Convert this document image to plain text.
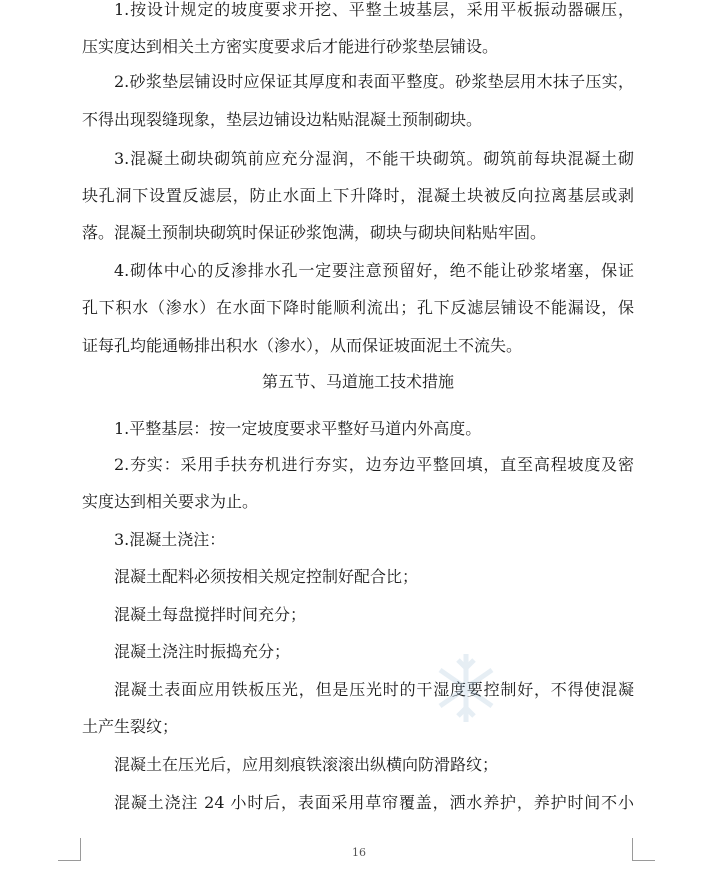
1.按设计规定的坡度要求开挖、平整土坡基层，采用平板振动器碾压，
压实度达到相关土方密实度要求后才能进行砂浆垫层铺设。
2.砂浆垫层铺设时应保证其厚度和表面平整度。砂浆垫层用木抹子压实，
不得出现裂缝现象，垫层边铺设边粘贴混凝土预制砌块。
3.混凝土砌块砌筑前应充分湿润，不能干块砌筑。砌筑前每块混凝土砌
块孔洞下设置反滤层，防止水面上下升降时，混凝土块被反向拉离基层或剥
落。混凝土预制块砌筑时保证砂浆饱满，砌块与砌块间粘贴牢固。
4.砌体中心的反渗排水孔一定要注意预留好，绝不能让砂浆堵塞，保证
孔下积水（渗水）在水面下降时能顺利流出；孔下反滤层铺设不能漏设，保
证每孔均能通畅排出积水（渗水），从而保证坡面泥土不流失。
第五节、马道施工技术措施
1.平整基层：按一定坡度要求平整好马道内外高度。
2.夯实：采用手扶夯机进行夯实，边夯边平整回填，直至高程坡度及密
实度达到相关要求为止。
3.混凝土浇注：
混凝土配料必须按相关规定控制好配合比；
混凝土每盘搅拌时间充分；
混凝土浇注时振捣充分；
混凝土表面应用铁板压光，但是压光时的干湿度要控制好，不得使混凝
土产生裂纹；
混凝土在压光后，应用刻痕铁滚滚出纵横向防滑路纹；
混凝土浇注 24 小时后，表面采用草帘覆盖，洒水养护，养护时间不小
16
